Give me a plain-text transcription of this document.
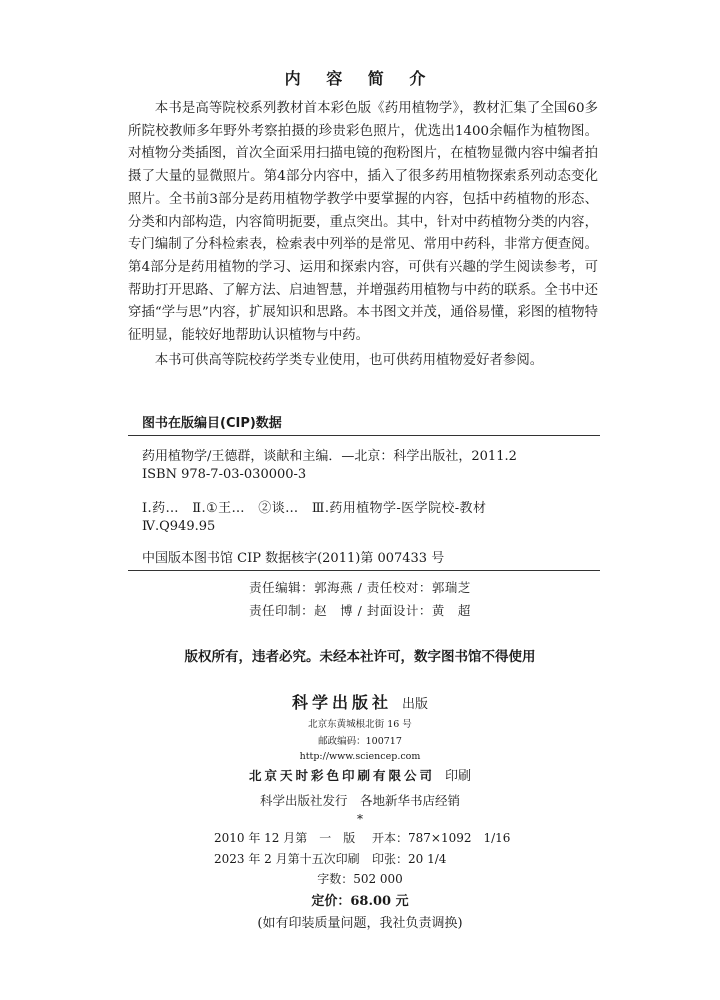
内 容 简 介

本书是高等院校系列教材首本彩色版《药用植物学》，教材汇集了全国60多所院校教师多年野外考察拍摄的珍贵彩色照片，优选出1400余幅作为植物图。对植物分类插图，首次全面采用扫描电镜的孢粉图片，在植物显微内容中编者拍摄了大量的显微照片。第4部分内容中，插入了很多药用植物探索系列动态变化照片。全书前3部分是药用植物学教学中要掌握的内容，包括中药植物的形态、分类和内部构造，内容简明扼要，重点突出。其中，针对中药植物分类的内容，专门编制了分科检索表，检索表中列举的是常见、常用中药科，非常方便查阅。第4部分是药用植物的学习、运用和探索内容，可供有兴趣的学生阅读参考，可帮助打开思路、了解方法、启迪智慧，并增强药用植物与中药的联系。全书中还穿插“学与思”内容，扩展知识和思路。本书图文并茂，通俗易懂，彩图的植物特征明显，能较好地帮助认识植物与中药。

本书可供高等院校药学类专业使用，也可供药用植物爱好者参阅。

图书在版编目(CIP)数据
药用植物学/王德群，谈献和主编．—北京：科学出版社，2011.2
ISBN 978-7-03-030000-3
Ⅰ.药…　Ⅱ.①王…　②谈…　Ⅲ.药用植物学-医学院校-教材
Ⅳ.Q949.95
中国版本图书馆 CIP 数据核字(2011)第 007433 号
责任编辑：郭海燕 / 责任校对：郭瑞芝
责任印制：赵　博 / 封面设计：黄　超
版权所有，违者必究。未经本社许可，数字图书馆不得使用
科学出版社 出版
北京东黄城根北街 16 号
邮政编码：100717
http://www.sciencep.com
北京天时彩色印刷有限公司 印刷
科学出版社发行　各地新华书店经销
*
2010 年 12 月第　一　版 开本：787×1092　1/16
2023 年 2 月第十五次印刷 印张：20 1/4
字数：502 000
定价：68.00 元
(如有印装质量问题，我社负责调换)
